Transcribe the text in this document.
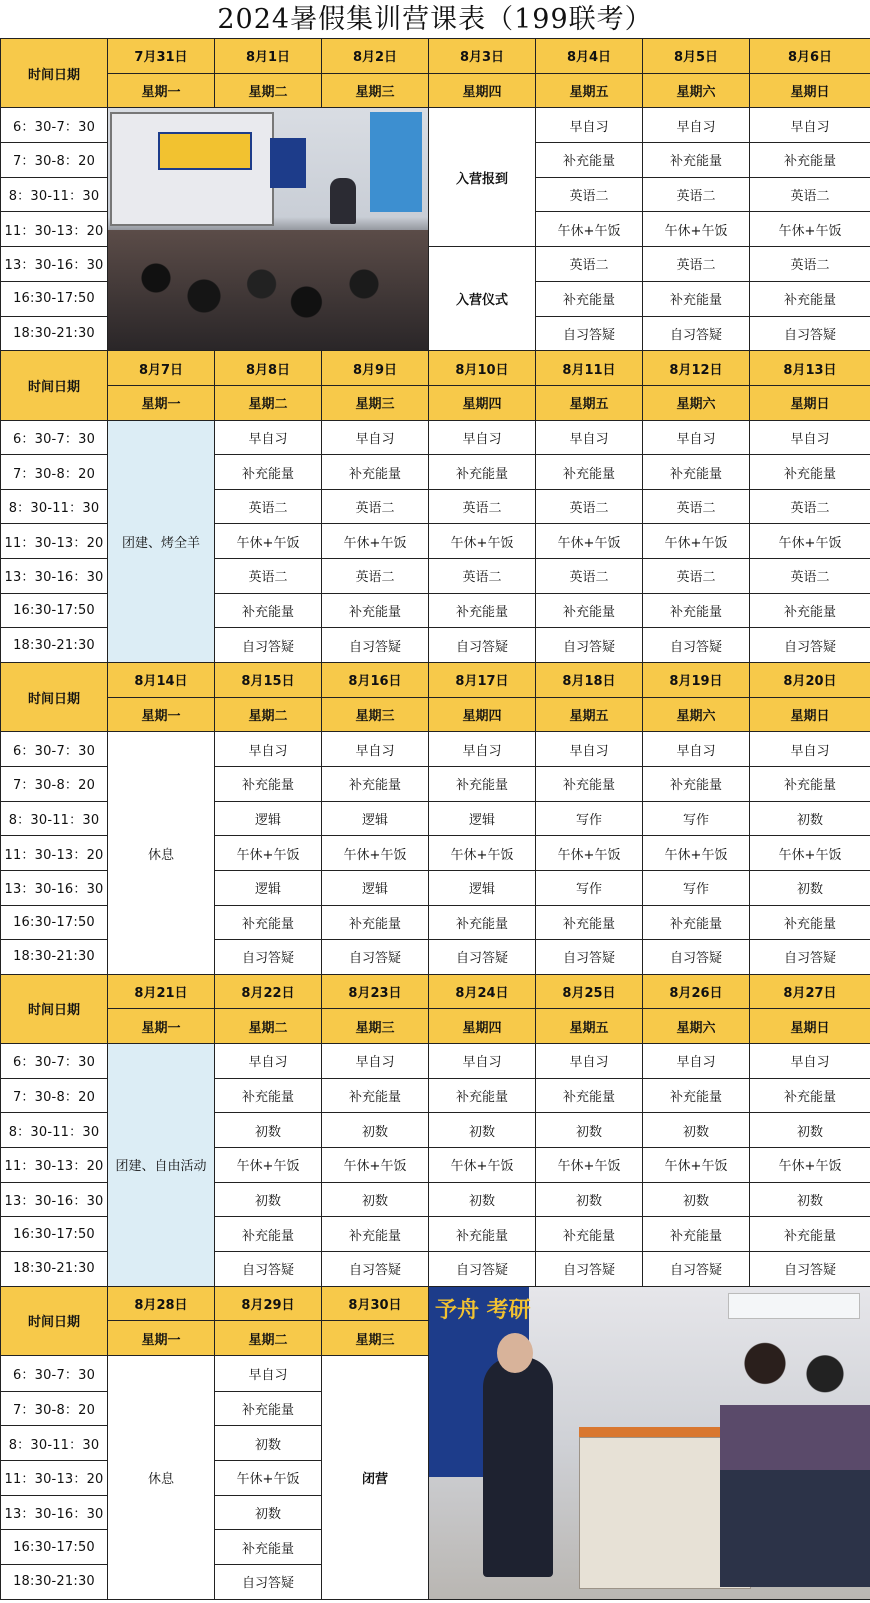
2024暑假集训营课表（199联考）
时间日期	7月31日	8月1日	8月2日	8月3日	8月4日	8月5日	8月6日
	星期一	星期二	星期三	星期四	星期五	星期六	星期日
6：30-7：30				入营报到	早自习	早自习	早自习
7：30-8：20					补充能量	补充能量	补充能量
8：30-11：30					英语二	英语二	英语二
11：30-13：20					午休+午饭	午休+午饭	午休+午饭
13：30-16：30				入营仪式	英语二	英语二	英语二
16:30-17:50					补充能量	补充能量	补充能量
18:30-21:30					自习答疑	自习答疑	自习答疑
时间日期	8月7日	8月8日	8月9日	8月10日	8月11日	8月12日	8月13日
	星期一	星期二	星期三	星期四	星期五	星期六	星期日
6：30-7：30	团建、烤全羊	早自习	早自习	早自习	早自习	早自习	早自习
7：30-8：20		补充能量	补充能量	补充能量	补充能量	补充能量	补充能量
8：30-11：30		英语二	英语二	英语二	英语二	英语二	英语二
11：30-13：20		午休+午饭	午休+午饭	午休+午饭	午休+午饭	午休+午饭	午休+午饭
13：30-16：30		英语二	英语二	英语二	英语二	英语二	英语二
16:30-17:50		补充能量	补充能量	补充能量	补充能量	补充能量	补充能量
18:30-21:30		自习答疑	自习答疑	自习答疑	自习答疑	自习答疑	自习答疑
时间日期	8月14日	8月15日	8月16日	8月17日	8月18日	8月19日	8月20日
	星期一	星期二	星期三	星期四	星期五	星期六	星期日
6：30-7：30	休息	早自习	早自习	早自习	早自习	早自习	早自习
7：30-8：20		补充能量	补充能量	补充能量	补充能量	补充能量	补充能量
8：30-11：30		逻辑	逻辑	逻辑	写作	写作	初数
11：30-13：20		午休+午饭	午休+午饭	午休+午饭	午休+午饭	午休+午饭	午休+午饭
13：30-16：30		逻辑	逻辑	逻辑	写作	写作	初数
16:30-17:50		补充能量	补充能量	补充能量	补充能量	补充能量	补充能量
18:30-21:30		自习答疑	自习答疑	自习答疑	自习答疑	自习答疑	自习答疑
时间日期	8月21日	8月22日	8月23日	8月24日	8月25日	8月26日	8月27日
	星期一	星期二	星期三	星期四	星期五	星期六	星期日
6：30-7：30	团建、自由活动	早自习	早自习	早自习	早自习	早自习	早自习
7：30-8：20		补充能量	补充能量	补充能量	补充能量	补充能量	补充能量
8：30-11：30		初数	初数	初数	初数	初数	初数
11：30-13：20		午休+午饭	午休+午饭	午休+午饭	午休+午饭	午休+午饭	午休+午饭
13：30-16：30		初数	初数	初数	初数	初数	初数
16:30-17:50		补充能量	补充能量	补充能量	补充能量	补充能量	补充能量
18:30-21:30		自习答疑	自习答疑	自习答疑	自习答疑	自习答疑	自习答疑
时间日期	8月28日	8月29日	8月30日	予舟 考研			

	星期一	星期二	星期三				
6：30-7：30	休息	早自习	闭营				
7：30-8：20		补充能量					
8：30-11：30		初数					
11：30-13：20		午休+午饭					
13：30-16：30		初数					
16:30-17:50		补充能量					
18:30-21:30		自习答疑					
